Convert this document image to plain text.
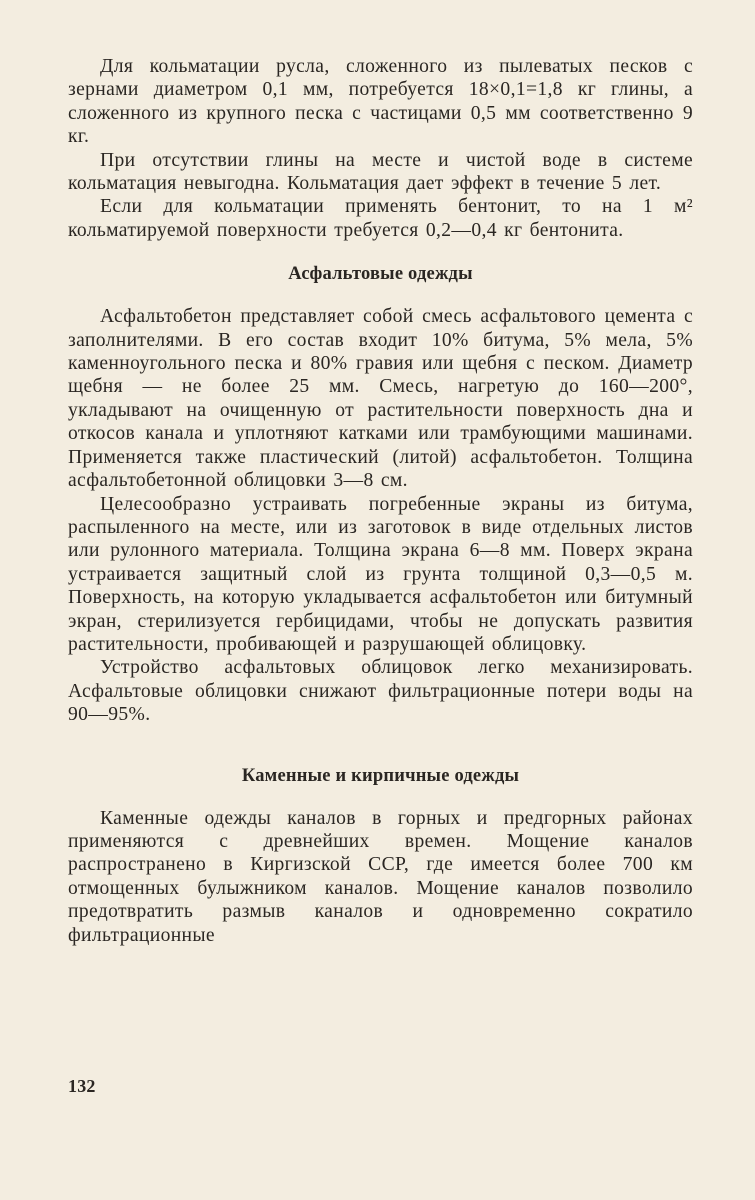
Для кольматации русла, сложенного из пылеватых песков с зернами диаметром 0,1 мм, потребуется 18×0,1=1,8 кг глины, а сложенного из крупного песка с частицами 0,5 мм соответственно 9 кг.

При отсутствии глины на месте и чистой воде в системе кольматация невыгодна. Кольматация дает эффект в течение 5 лет.

Если для кольматации применять бентонит, то на 1 м² кольматируемой поверхности требуется 0,2—0,4 кг бентонита.

Асфальтовые одежды

Асфальтобетон представляет собой смесь асфальтового цемента с заполнителями. В его состав входит 10% битума, 5% мела, 5% каменноугольного песка и 80% гравия или щебня с песком. Диаметр щебня — не более 25 мм. Смесь, нагретую до 160—200°, укладывают на очищенную от растительности поверхность дна и откосов канала и уплотняют катками или трамбующими машинами. Применяется также пластический (литой) асфальтобетон. Толщина асфальтобетонной облицовки 3—8 см.

Целесообразно устраивать погребенные экраны из битума, распыленного на месте, или из заготовок в виде отдельных листов или рулонного материала. Толщина экрана 6—8 мм. Поверх экрана устраивается защитный слой из грунта толщиной 0,3—0,5 м. Поверхность, на которую укладывается асфальтобетон или битумный экран, стерилизуется гербицидами, чтобы не допускать развития растительности, пробивающей и разрушающей облицовку.

Устройство асфальтовых облицовок легко механизировать. Асфальтовые облицовки снижают фильтрационные потери воды на 90—95%.

Каменные и кирпичные одежды

Каменные одежды каналов в горных и предгорных районах применяются с древнейших времен. Мощение каналов распространено в Киргизской ССР, где имеется более 700 км отмощенных булыжником каналов. Мощение каналов позволило предотвратить размыв каналов и одновременно сократило фильтрационные

132
